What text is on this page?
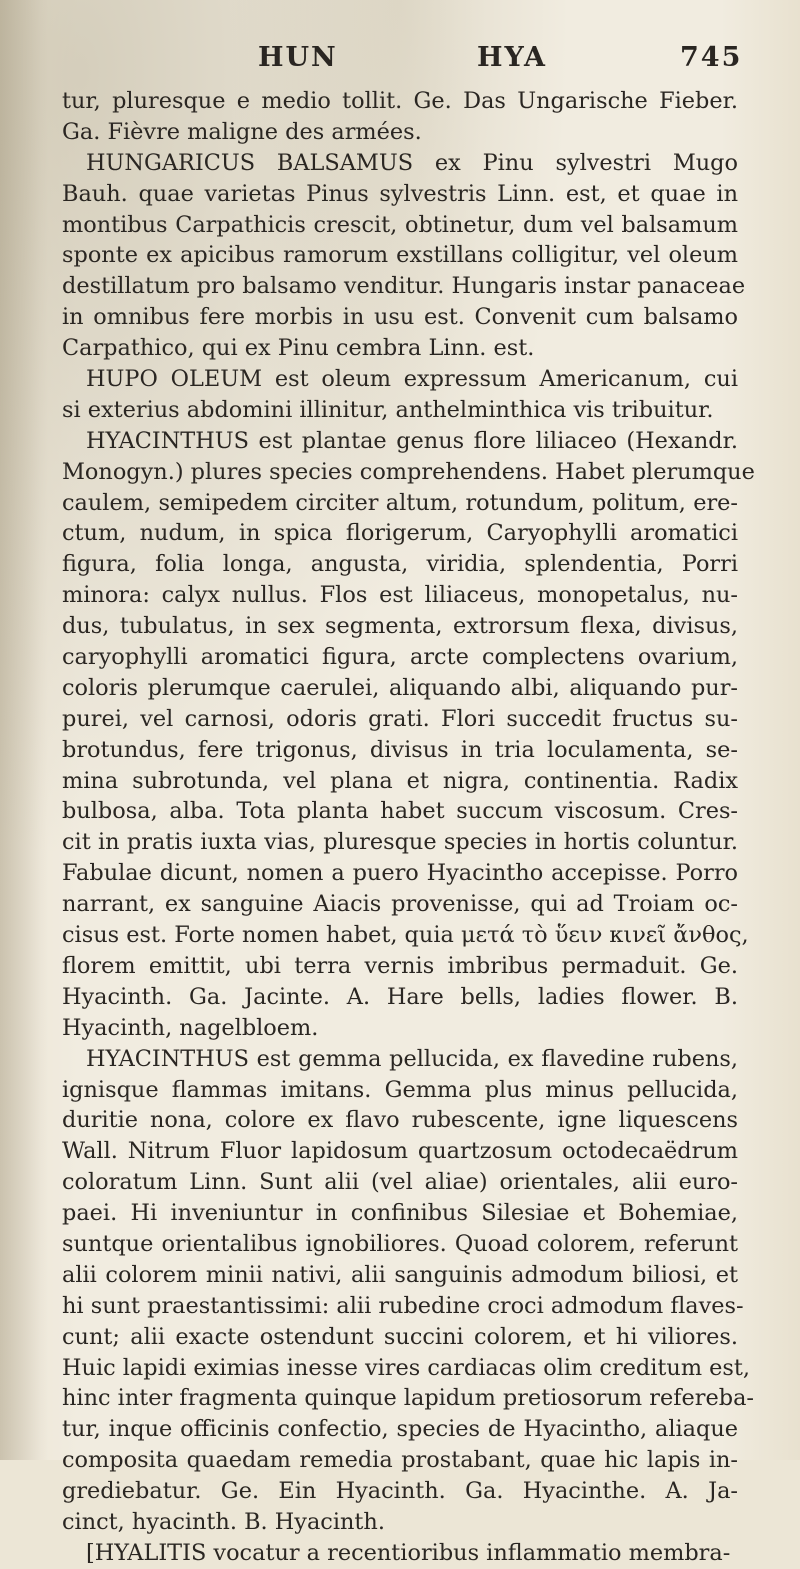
HUN	HYA	745
tur, pluresque e medio tollit. Ge. Das Ungarische Fieber.
Ga. Fièvre maligne des armées.
HUNGARICUS BALSAMUS ex Pinu sylvestri Mugo
Bauh. quae varietas Pinus sylvestris Linn. est, et quae in
montibus Carpathicis crescit, obtinetur, dum vel balsamum
sponte ex apicibus ramorum exstillans colligitur, vel oleum
destillatum pro balsamo venditur. Hungaris instar panaceae
in omnibus fere morbis in usu est. Convenit cum balsamo
Carpathico, qui ex Pinu cembra Linn. est.
HUPO OLEUM est oleum expressum Americanum, cui
si exterius abdomini illinitur, anthelminthica vis tribuitur.
HYACINTHUS est plantae genus flore liliaceo (Hexandr.
Monogyn.) plures species comprehendens. Habet plerumque
caulem, semipedem circiter altum, rotundum, politum, ere-
ctum, nudum, in spica florigerum, Caryophylli aromatici
figura, folia longa, angusta, viridia, splendentia, Porri
minora: calyx nullus. Flos est liliaceus, monopetalus, nu-
dus, tubulatus, in sex segmenta, extrorsum flexa, divisus,
caryophylli aromatici figura, arcte complectens ovarium,
coloris plerumque caerulei, aliquando albi, aliquando pur-
purei, vel carnosi, odoris grati. Flori succedit fructus su-
brotundus, fere trigonus, divisus in tria loculamenta, se-
mina subrotunda, vel plana et nigra, continentia. Radix
bulbosa, alba. Tota planta habet succum viscosum. Cres-
cit in pratis iuxta vias, pluresque species in hortis coluntur.
Fabulae dicunt, nomen a puero Hyacintho accepisse. Porro
narrant, ex sanguine Aiacis provenisse, qui ad Troiam oc-
cisus est. Forte nomen habet, quia μετά τὸ ὕειν κινεῖ ἄνθος,
florem emittit, ubi terra vernis imbribus permaduit. Ge.
Hyacinth. Ga. Jacinte. A. Hare bells, ladies flower. B.
Hyacinth, nagelbloem.
HYACINTHUS est gemma pellucida, ex flavedine rubens,
ignisque flammas imitans. Gemma plus minus pellucida,
duritie nona, colore ex flavo rubescente, igne liquescens
Wall. Nitrum Fluor lapidosum quartzosum octodecaëdrum
coloratum Linn. Sunt alii (vel aliae) orientales, alii euro-
paei. Hi inveniuntur in confinibus Silesiae et Bohemiae,
suntque orientalibus ignobiliores. Quoad colorem, referunt
alii colorem minii nativi, alii sanguinis admodum biliosi, et
hi sunt praestantissimi: alii rubedine croci admodum flaves-
cunt; alii exacte ostendunt succini colorem, et hi viliores.
Huic lapidi eximias inesse vires cardiacas olim creditum est,
hinc inter fragmenta quinque lapidum pretiosorum refereba-
tur, inque officinis confectio, species de Hyacintho, aliaque
composita quaedam remedia prostabant, quae hic lapis in-
grediebatur. Ge. Ein Hyacinth. Ga. Hyacinthe. A. Ja-
cinct, hyacinth. B. Hyacinth.
[HYALITIS vocatur a recentioribus inflammatio membra-
